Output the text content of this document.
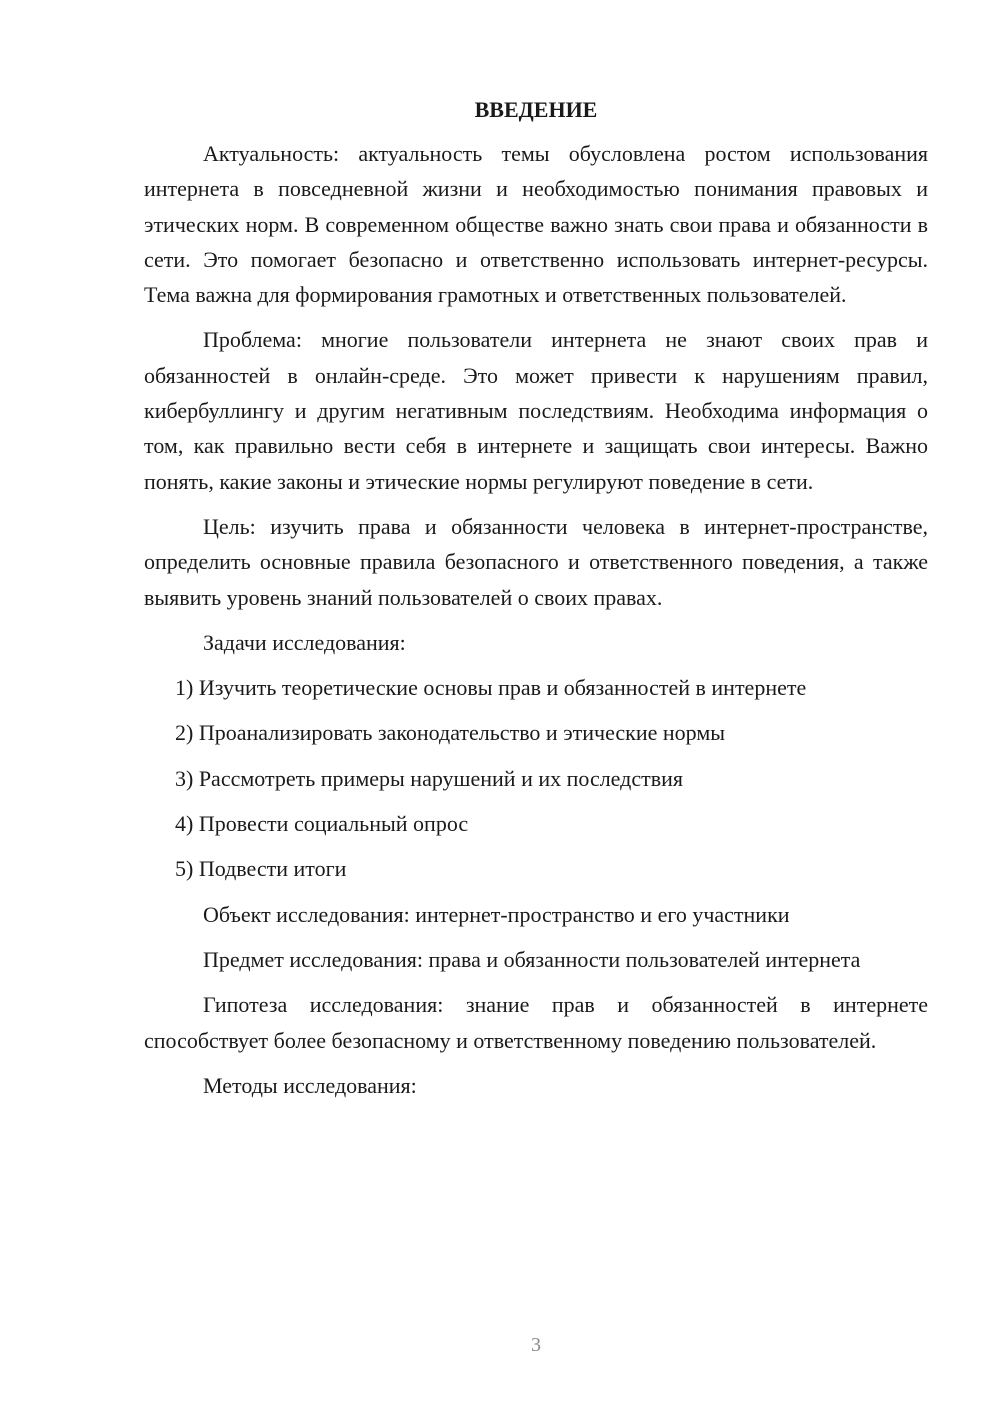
ВВЕДЕНИЕ

Актуальность: актуальность темы обусловлена ростом использования интернета в повседневной жизни и необходимостью понимания правовых и этических норм. В современном обществе важно знать свои права и обязанности в сети. Это помогает безопасно и ответственно использовать интернет-ресурсы. Тема важна для формирования грамотных и ответственных пользователей.

Проблема: многие пользователи интернета не знают своих прав и обязанностей в онлайн-среде. Это может привести к нарушениям правил, кибербуллингу и другим негативным последствиям. Необходима информация о том, как правильно вести себя в интернете и защищать свои интересы. Важно понять, какие законы и этические нормы регулируют поведение в сети.

Цель: изучить права и обязанности человека в интернет-пространстве, определить основные правила безопасного и ответственного поведения, а также выявить уровень знаний пользователей о своих правах.

Задачи исследования:

1) Изучить теоретические основы прав и обязанностей в интернете
2) Проанализировать законодательство и этические нормы
3) Рассмотреть примеры нарушений и их последствия
4) Провести социальный опрос
5) Подвести итоги

Объект исследования: интернет-пространство и его участники

Предмет исследования: права и обязанности пользователей интернета

Гипотеза исследования: знание прав и обязанностей в интернете способствует более безопасному и ответственному поведению пользователей.

Методы исследования:

3
